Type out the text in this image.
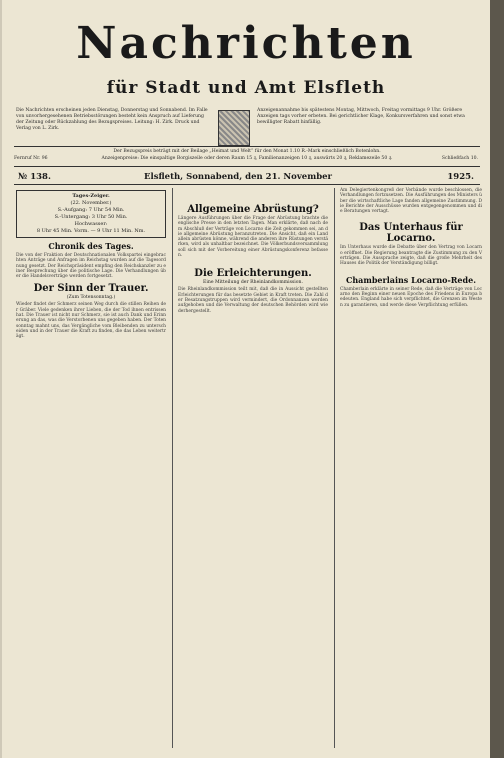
Nachrichten
für Stadt und Amt Elsfleth
Die Nachrichten erscheinen jeden Dienstag, Donnerstag und Sonnabend. Im Falle von unvorhergesehenen Betriebsstörungen besteht kein Anspruch auf Lieferung der Zeitung oder Rückzahlung des Bezugspreises. Leitung: H. Zirk. Druck und Verlag von L. Zirk.
Anzeigenannahme bis spätestens Montag, Mittwoch, Freitag vormittags 9 Uhr. Größere Anzeigen tags vorher erbeten. Bei gerichtlicher Klage, Konkursverfahren und sonst etwa bewilligter Rabatt hinfällig.
Der Bezugspreis beträgt mit der Beilage „Heimat und Welt“ für den Monat 1.10 R.-Mark einschließlich Botenlohn.
Anzeigenpreise: Die einspaltige Borgiszeile oder deren Raum 15 ₰, Familienanzeigen 10 ₰, auswärts 20 ₰, Reklamezeile 50 ₰.
Fernruf Nr. 96	Schließfach 10.
№ 138.	Elsfleth, Sonnabend, den 21. November	1925.
Tages-Zeiger.
(22. November.)
S.-Aufgang: 7 Uhr 54 Min.
S.-Untergang: 3 Uhr 50 Min.
Hochwasser:
8 Uhr 45 Min. Vorm. — 9 Uhr 11 Min. Nm.
Chronik des Tages.
Die von der Fraktion der Deutschnationalen Volkspartei eingebrachten Anträge und Anfragen im Reichstag wurden auf die Tagesordnung gesetzt. Der Reichspräsident empfing den Reichskanzler zu einer Besprechung über die politische Lage. Die Verhandlungen über die Handelsverträge werden fortgesetzt.
Der Sinn der Trauer.
(Zum Totensonntag.)
Wieder findet der Schmerz seinen Weg durch die stillen Reihen der Gräber. Viele gedenken ihrer Lieben, die der Tod ihnen entrissen hat. Die Trauer ist nicht nur Schmerz, sie ist auch Dank und Erinnerung an das, was die Verstorbenen uns gegeben haben. Der Totensonntag mahnt uns, das Vergängliche vom Bleibenden zu unterscheiden und in der Trauer die Kraft zu finden, die das Leben weiterträgt.
Allgemeine Abrüstung?
Längere Ausführungen über die Frage der Abrüstung brachte die englische Presse in den letzten Tagen. Man erklärte, daß nach dem Abschluß der Verträge von Locarno die Zeit gekommen sei, an die allgemeine Abrüstung heranzutreten. Die Ansicht, daß ein Land allein abrüsten könne, während die anderen ihre Rüstungen verstärken, wird als unhaltbar bezeichnet. Die Völkerbundsversammlung soll sich mit der Vorbereitung einer Abrüstungskonferenz befassen.
Die Erleichterungen.
Eine Mitteilung der Rheinlandkommission.
Die Rheinlandkommission teilt mit, daß die in Aussicht gestellten Erleichterungen für das besetzte Gebiet in Kraft treten. Die Zahl der Besatzungstruppen wird vermindert, die Ordonnanzen werden aufgehoben und die Verwaltung der deutschen Behörden wird wiederhergestellt.
Am Delegiertenkongreß der Verbände wurde beschlossen, die Verhandlungen fortzusetzen. Die Ausführungen des Ministers über die wirtschaftliche Lage fanden allgemeine Zustimmung. Die Berichte der Ausschüsse wurden entgegengenommen und die Beratungen vertagt.
Das Unterhaus für Locarno.
Im Unterhaus wurde die Debatte über den Vertrag von Locarno eröffnet. Die Regierung beantragte die Zustimmung zu den Verträgen. Die Aussprache zeigte, daß die große Mehrheit des Hauses die Politik der Verständigung billigt.
Chamberlains Locarno-Rede.
Chamberlain erklärte in seiner Rede, daß die Verträge von Locarno den Beginn einer neuen Epoche des Friedens in Europa bedeuten. England habe sich verpflichtet, die Grenzen im Westen zu garantieren, und werde diese Verpflichtung erfüllen.
